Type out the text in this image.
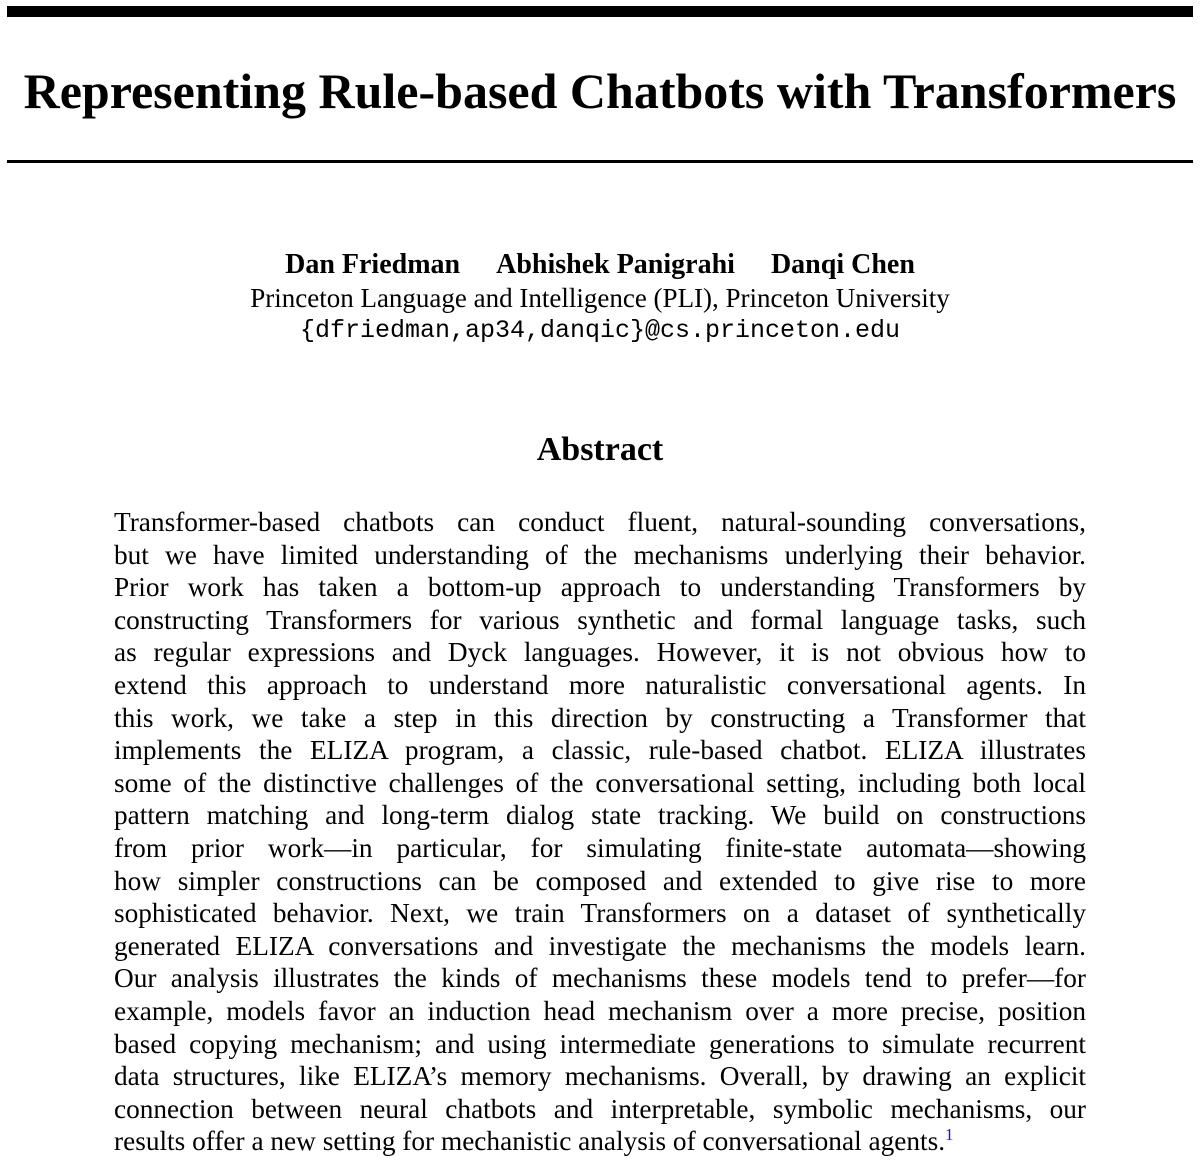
Representing Rule-based Chatbots with Transformers
Dan Friedman Abhishek Panigrahi Danqi Chen
Princeton Language and Intelligence (PLI), Princeton University
{dfriedman,ap34,danqic}@cs.princeton.edu
Abstract
Transformer-based chatbots can conduct fluent, natural-sounding conversations,
but we have limited understanding of the mechanisms underlying their behavior.
Prior work has taken a bottom-up approach to understanding Transformers by
constructing Transformers for various synthetic and formal language tasks, such
as regular expressions and Dyck languages. However, it is not obvious how to
extend this approach to understand more naturalistic conversational agents. In
this work, we take a step in this direction by constructing a Transformer that
implements the ELIZA program, a classic, rule-based chatbot. ELIZA illustrates
some of the distinctive challenges of the conversational setting, including both local
pattern matching and long-term dialog state tracking. We build on constructions
from prior work—in particular, for simulating finite-state automata—showing
how simpler constructions can be composed and extended to give rise to more
sophisticated behavior. Next, we train Transformers on a dataset of synthetically
generated ELIZA conversations and investigate the mechanisms the models learn.
Our analysis illustrates the kinds of mechanisms these models tend to prefer—for
example, models favor an induction head mechanism over a more precise, position
based copying mechanism; and using intermediate generations to simulate recurrent
data structures, like ELIZA’s memory mechanisms. Overall, by drawing an explicit
connection between neural chatbots and interpretable, symbolic mechanisms, our
results offer a new setting for mechanistic analysis of conversational agents.$^1$
